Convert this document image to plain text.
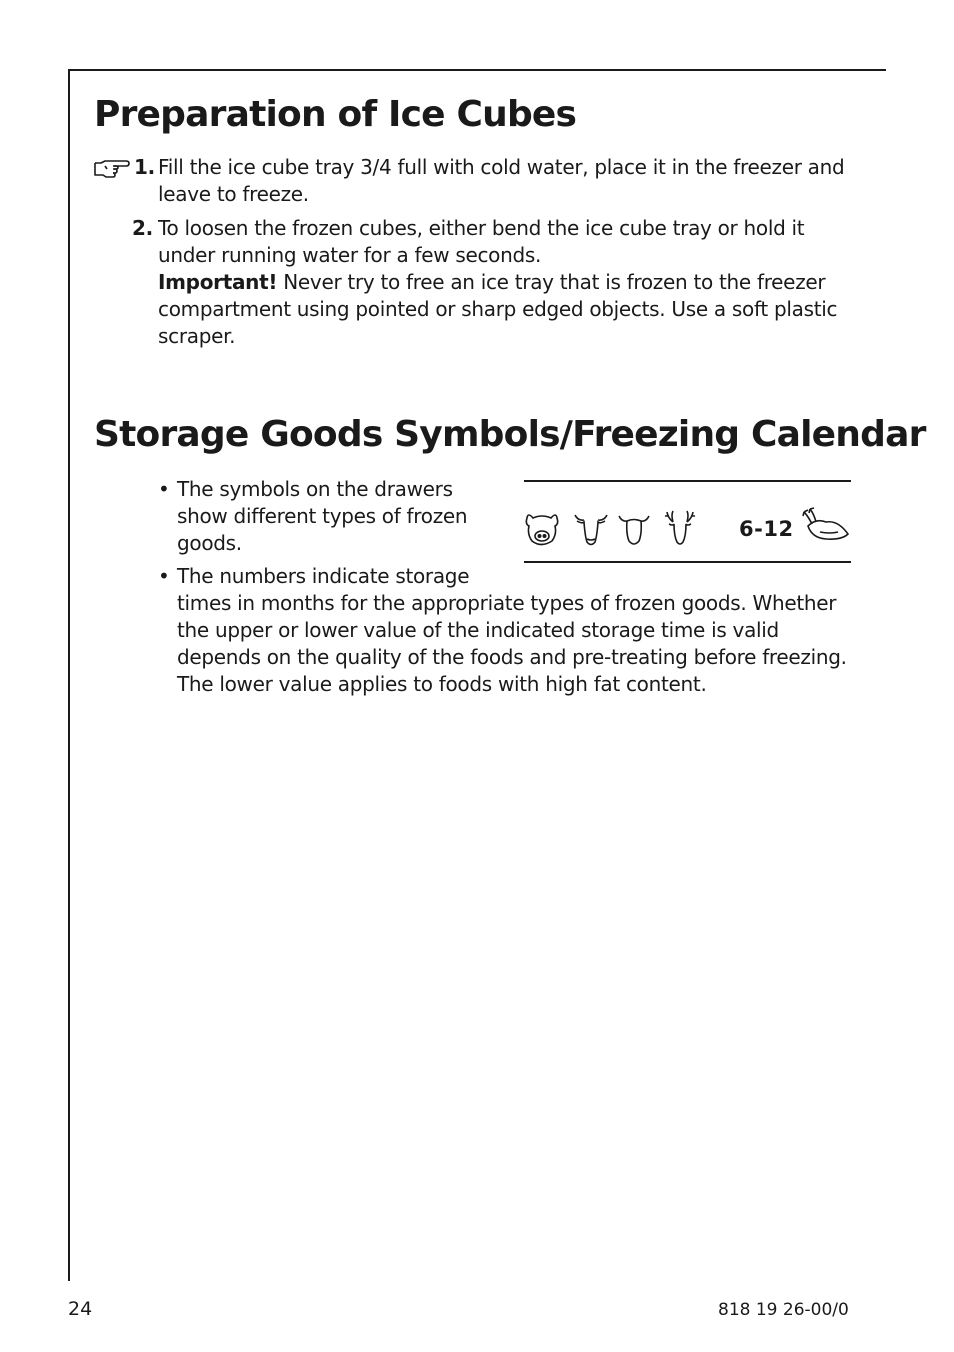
Preparation of Ice Cubes
1. Fill the ice cube tray 3/4 full with cold water, place it in the freezer and leave to freeze.
2. To loosen the frozen cubes, either bend the ice cube tray or hold it under running water for a few seconds.
Important! Never try to free an ice tray that is frozen to the freezer compartment using pointed or sharp edged objects. Use a soft plastic scraper.
Storage Goods Symbols/Freezing Calendar
• The symbols on the drawers show different types of frozen goods.
• The numbers indicate storage
times in months for the appropriate types of frozen goods. Whether the upper or lower value of the indicated storage time is valid depends on the quality of the foods and pre-treating before freezing. The lower value applies to foods with high fat content.
6-12
24	818 19 26-00/0
